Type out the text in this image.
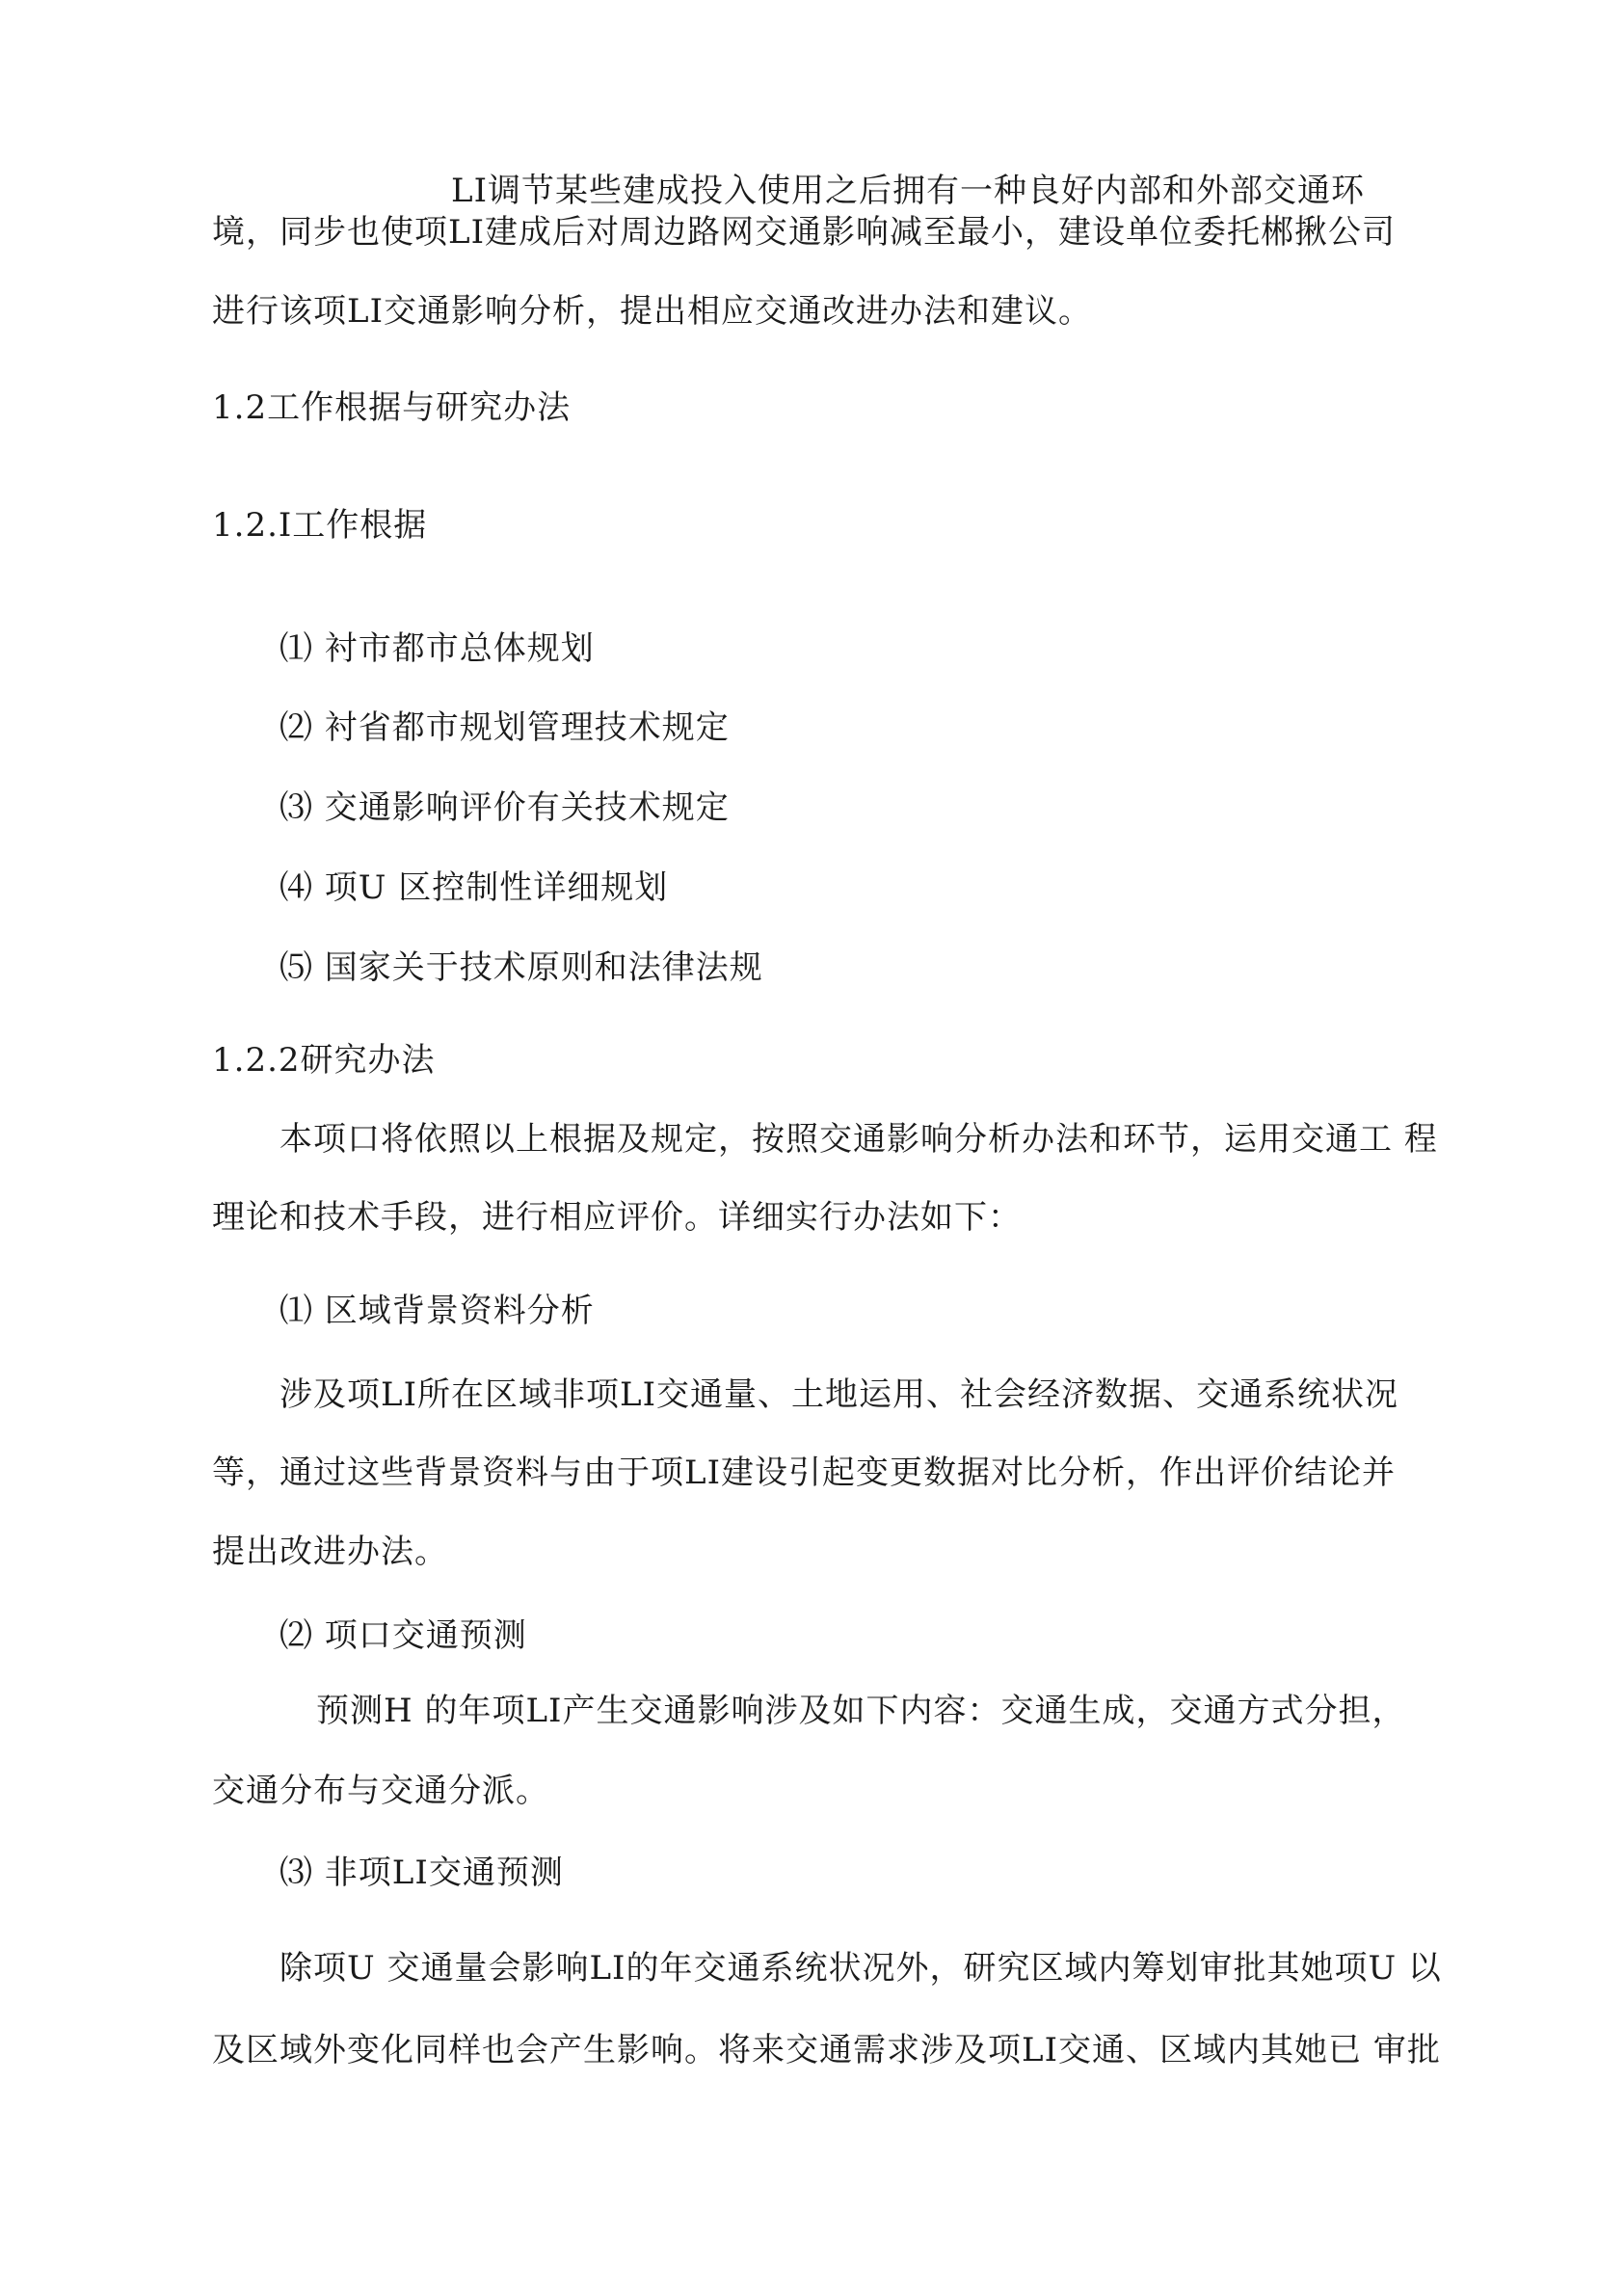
LI调节某些建成投入使用之后拥有一种良好内部和外部交通环
境，同步也使项LI建成后对周边路网交通影响减至最小，建设单位委托郴揪公司
进行该项LI交通影响分析，提出相应交通改进办法和建议。
1.2工作根据与研究办法
1.2.I工作根据
⑴ 衬市都市总体规划
⑵ 衬省都市规划管理技术规定
⑶ 交通影响评价有关技术规定
⑷ 项U 区控制性详细规划
⑸ 国家关于技术原则和法律法规
1.2.2研究办法
本项口将依照以上根据及规定，按照交通影响分析办法和环节，运用交通工 程
理论和技术手段，进行相应评价。详细实行办法如下：
⑴ 区域背景资料分析
涉及项LI所在区域非项LI交通量、土地运用、社会经济数据、交通系统状况
等，通过这些背景资料与由于项LI建设引起变更数据对比分析，作出评价结论并
提出改进办法。
⑵ 项口交通预测
预测H 的年项LI产生交通影响涉及如下内容：交通生成，交通方式分担，
交通分布与交通分派。
⑶ 非项LI交通预测
除项U 交通量会影响LI的年交通系统状况外，研究区域内筹划审批其她项U 以
及区域外变化同样也会产生影响。将来交通需求涉及项LI交通、区域内其她已 审批
